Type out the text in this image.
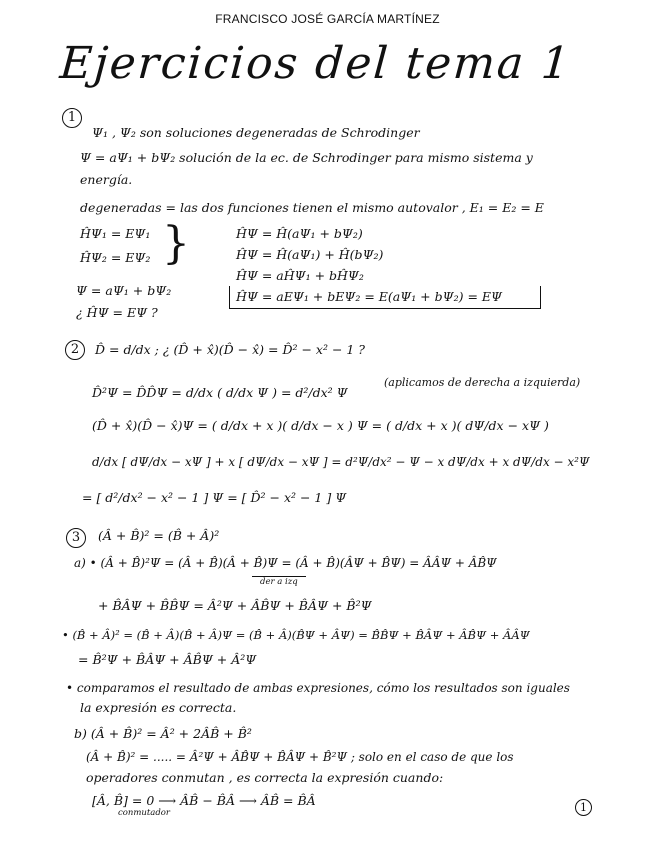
FRANCISCO JOSÉ GARCÍA MARTÍNEZ
Ejercicios del tema 1
1
Ψ₁ , Ψ₂ son soluciones degeneradas de Schrodinger
Ψ = aΨ₁ + bΨ₂ solución de la ec. de Schrodinger para mismo sistema y
energía.
degeneradas = las dos funciones tienen el mismo autovalor , E₁ = E₂ = E
ĤΨ₁ = EΨ₁
ĤΨ₂ = EΨ₂ }	ĤΨ = Ĥ(aΨ₁ + bΨ₂)
ĤΨ = Ĥ(aΨ₁) + Ĥ(bΨ₂)
ĤΨ = aĤΨ₁ + bĤΨ₂
Ψ = aΨ₁ + bΨ₂
¿ ĤΨ = EΨ ?
ĤΨ = aEΨ₁ + bEΨ₂ = E(aΨ₁ + bΨ₂) = EΨ
2	D̂ = d/dx ; ¿ (D̂ + x̂)(D̂ − x̂) = D̂² − x² − 1 ?
D̂²Ψ = D̂D̂Ψ = d/dx ( d/dx Ψ ) = d²/dx² Ψ
(aplicamos de derecha a izquierda)
(D̂ + x̂)(D̂ − x̂)Ψ = ( d/dx + x )( d/dx − x ) Ψ = ( d/dx + x )( dΨ/dx − xΨ )
d/dx [ dΨ/dx − xΨ ] + x [ dΨ/dx − xΨ ] = d²Ψ/dx² − Ψ − x dΨ/dx + x dΨ/dx − x²Ψ
= [ d²/dx² − x² − 1 ] Ψ = [ D̂² − x² − 1 ] Ψ
3	(Â + B̂)² = (B̂ + Â)²
a) • (Â + B̂)²Ψ = (Â + B̂)(Â + B̂)Ψ = (Â + B̂)(ÂΨ + B̂Ψ) = ÂÂΨ + ÂB̂Ψ
der a izq
+ B̂ÂΨ + B̂B̂Ψ = Â²Ψ + ÂB̂Ψ + B̂ÂΨ + B̂²Ψ
• (B̂ + Â)² = (B̂ + Â)(B̂ + Â)Ψ = (B̂ + Â)(B̂Ψ + ÂΨ) = B̂B̂Ψ + B̂ÂΨ + ÂB̂Ψ + ÂÂΨ
= B̂²Ψ + B̂ÂΨ + ÂB̂Ψ + Â²Ψ
• comparamos el resultado de ambas expresiones, cómo los resultados son iguales
la expresión es correcta.
b) (Â + B̂)² = Â² + 2ÂB̂ + B̂²
(Â + B̂)² = ..... = Â²Ψ + ÂB̂Ψ + B̂ÂΨ + B̂²Ψ ; solo en el caso de que los
operadores conmutan , es correcta la expresión cuando:
[Â, B̂] = 0 ⟶ ÂB̂ − B̂Â ⟶ ÂB̂ = B̂Â
conmutador	1
